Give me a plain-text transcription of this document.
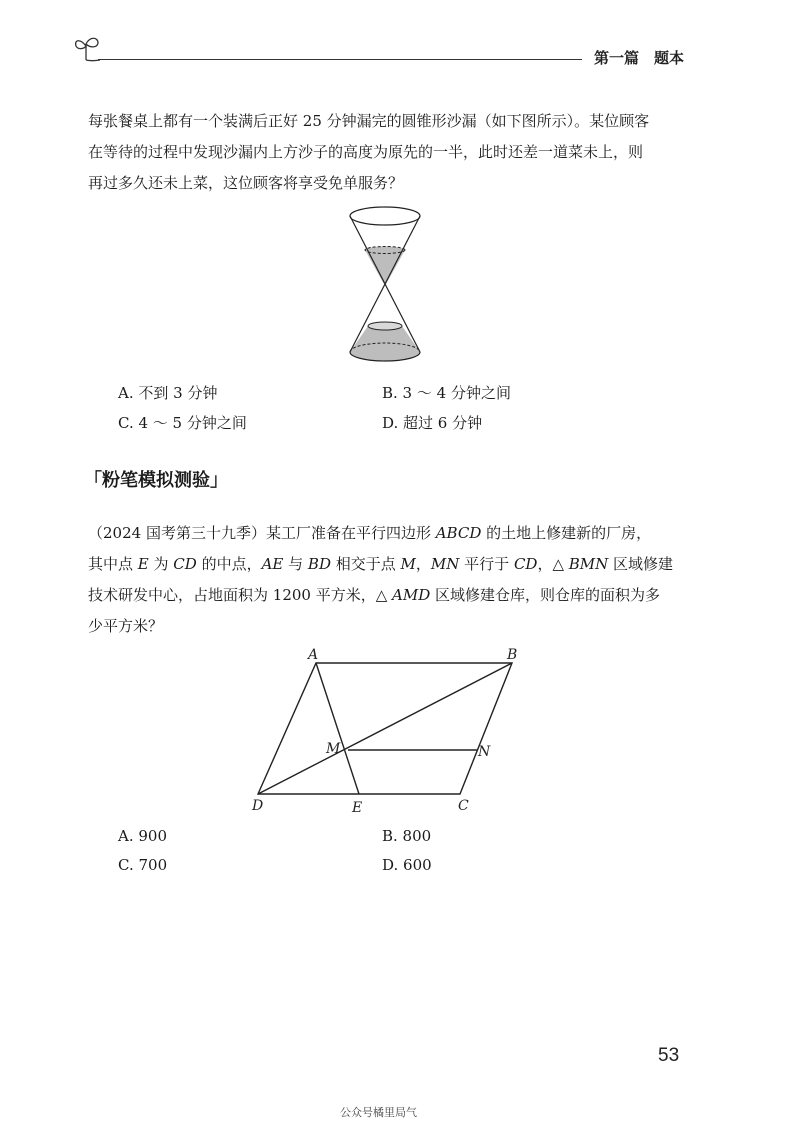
第一篇　题本

每张餐桌上都有一个装满后正好 25 分钟漏完的圆锥形沙漏（如下图所示）。某位顾客

在等待的过程中发现沙漏内上方沙子的高度为原先的一半，此时还差一道菜未上，则

再过多久还未上菜，这位顾客将享受免单服务？

A. 不到 3 分钟	B. 3 ～ 4 分钟之间
C. 4 ～ 5 分钟之间	D. 超过 6 分钟
「粉笔模拟测验」

（2024 国考第三十九季）某工厂准备在平行四边形 ABCD 的土地上修建新的厂房，

其中点 E 为 CD 的中点，AE 与 BD 相交于点 M，MN 平行于 CD，△ BMN 区域修建

技术研发中心，占地面积为 1200 平方米，△ AMD 区域修建仓库，则仓库的面积为多

少平方米？

A	B
C
D	E
M	N
A. 900	B. 800
C. 700	D. 600
53
公众号橘里局气
